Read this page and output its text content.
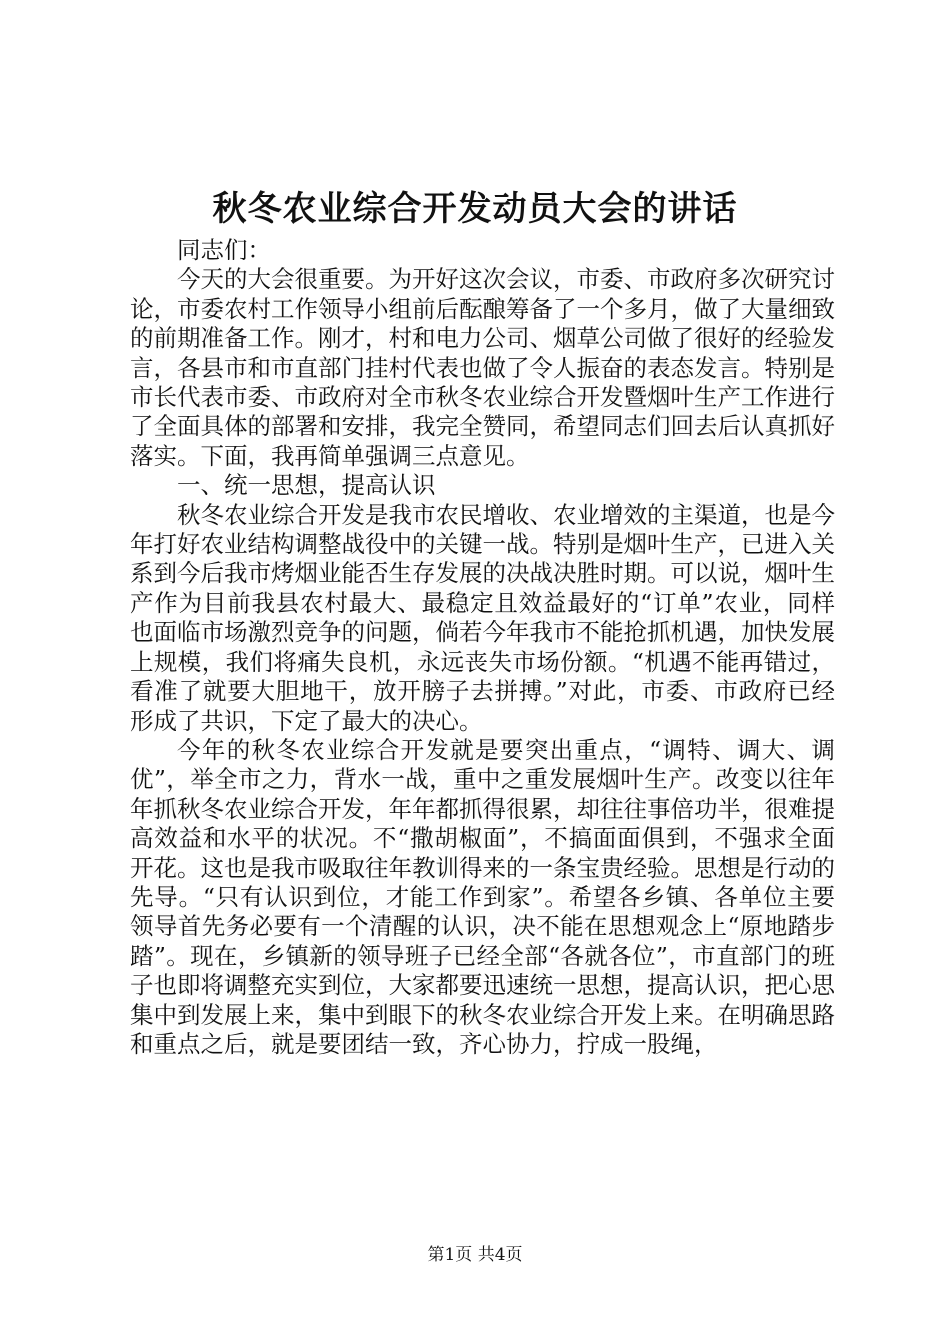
秋冬农业综合开发动员大会的讲话

同志们：

今天的大会很重要。为开好这次会议，市委、市政府多次研究讨论，市委农村工作领导小组前后酝酿筹备了一个多月，做了大量细致的前期准备工作。刚才，村和电力公司、烟草公司做了很好的经验发言，各县市和市直部门挂村代表也做了令人振奋的表态发言。特别是市长代表市委、市政府对全市秋冬农业综合开发暨烟叶生产工作进行了全面具体的部署和安排，我完全赞同，希望同志们回去后认真抓好落实。下面，我再简单强调三点意见。

一、统一思想，提高认识

秋冬农业综合开发是我市农民增收、农业增效的主渠道，也是今年打好农业结构调整战役中的关键一战。特别是烟叶生产，已进入关系到今后我市烤烟业能否生存发展的决战决胜时期。可以说，烟叶生产作为目前我县农村最大、最稳定且效益最好的“订单”农业，同样也面临市场激烈竞争的问题，倘若今年我市不能抢抓机遇，加快发展上规模，我们将痛失良机，永远丧失市场份额。“机遇不能再错过，看准了就要大胆地干，放开膀子去拼搏。”对此，市委、市政府已经形成了共识，下定了最大的决心。

今年的秋冬农业综合开发就是要突出重点，“调特、调大、调优”，举全市之力，背水一战，重中之重发展烟叶生产。改变以往年年抓秋冬农业综合开发，年年都抓得很累，却往往事倍功半，很难提高效益和水平的状况。不“撒胡椒面”，不搞面面俱到，不强求全面开花。这也是我市吸取往年教训得来的一条宝贵经验。思想是行动的先导。“只有认识到位，才能工作到家”。希望各乡镇、各单位主要领导首先务必要有一个清醒的认识，决不能在思想观念上“原地踏步踏”。现在，乡镇新的领导班子已经全部“各就各位”，市直部门的班子也即将调整充实到位，大家都要迅速统一思想，提高认识，把心思集中到发展上来，集中到眼下的秋冬农业综合开发上来。在明确思路和重点之后，就是要团结一致，齐心协力，拧成一股绳，

第1页 共4页
